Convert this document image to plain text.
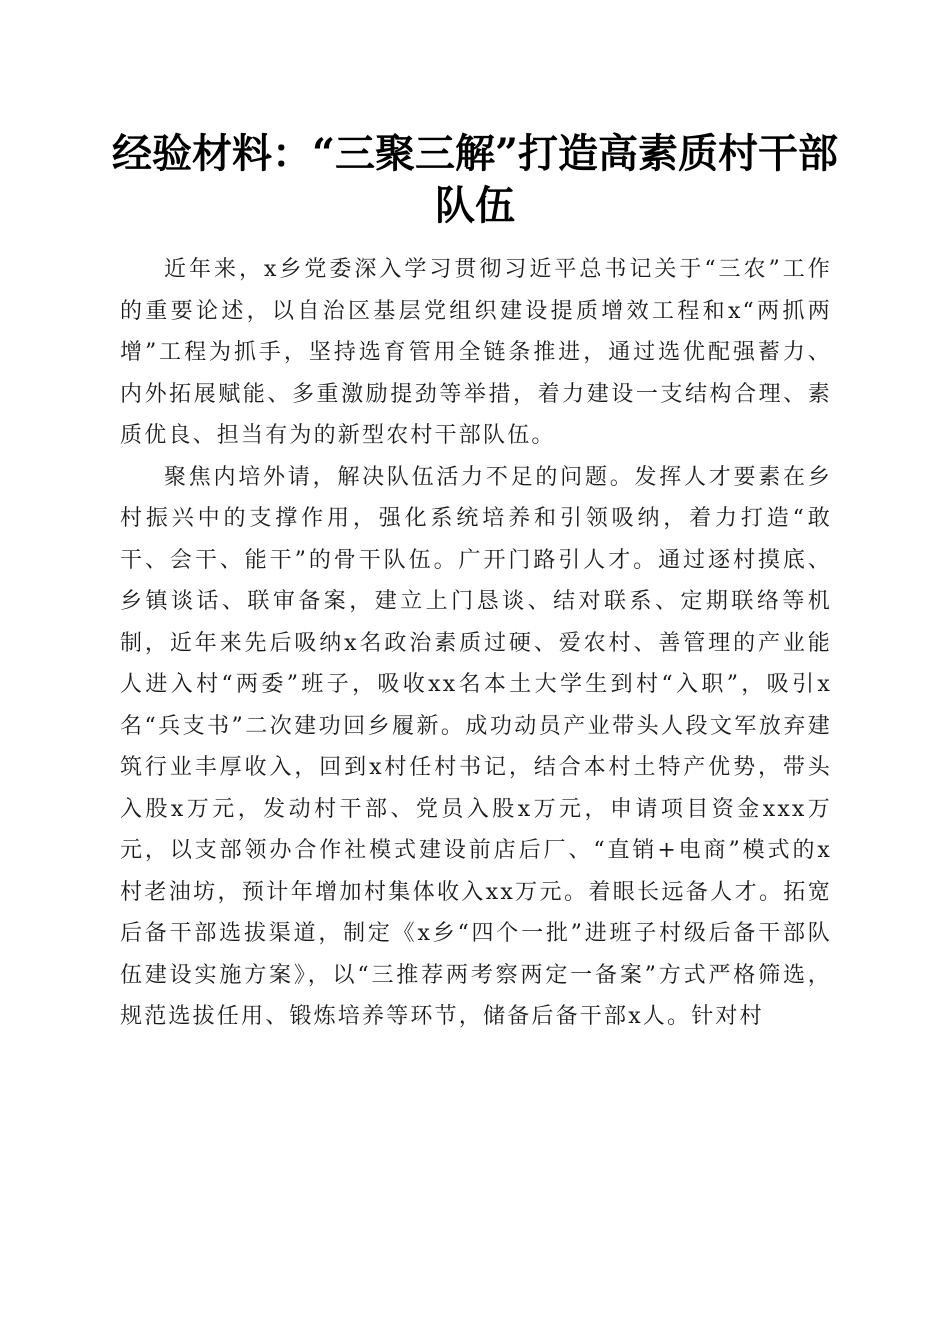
经验材料：“三聚三解”打造高素质村干部队伍

近年来，x乡党委深入学习贯彻习近平总书记关于“三农”工作的重要论述，以自治区基层党组织建设提质增效工程和x“两抓两增”工程为抓手，坚持选育管用全链条推进，通过选优配强蓄力、内外拓展赋能、多重激励提劲等举措，着力建设一支结构合理、素质优良、担当有为的新型农村干部队伍。

聚焦内培外请，解决队伍活力不足的问题。发挥人才要素在乡村振兴中的支撑作用，强化系统培养和引领吸纳，着力打造“敢干、会干、能干”的骨干队伍。广开门路引人才。通过逐村摸底、乡镇谈话、联审备案，建立上门恳谈、结对联系、定期联络等机制，近年来先后吸纳x名政治素质过硬、爱农村、善管理的产业能人进入村“两委”班子，吸收xx名本土大学生到村“入职”，吸引x名“兵支书”二次建功回乡履新。成功动员产业带头人段文军放弃建筑行业丰厚收入，回到x村任村书记，结合本村土特产优势，带头入股x万元，发动村干部、党员入股x万元，申请项目资金xxx万元，以支部领办合作社模式建设前店后厂、“直销+电商”模式的x村老油坊，预计年增加村集体收入xx万元。着眼长远备人才。拓宽后备干部选拔渠道，制定《x乡“四个一批”进班子村级后备干部队伍建设实施方案》，以“三推荐两考察两定一备案”方式严格筛选，规范选拔任用、锻炼培养等环节，储备后备干部x人。针对村
